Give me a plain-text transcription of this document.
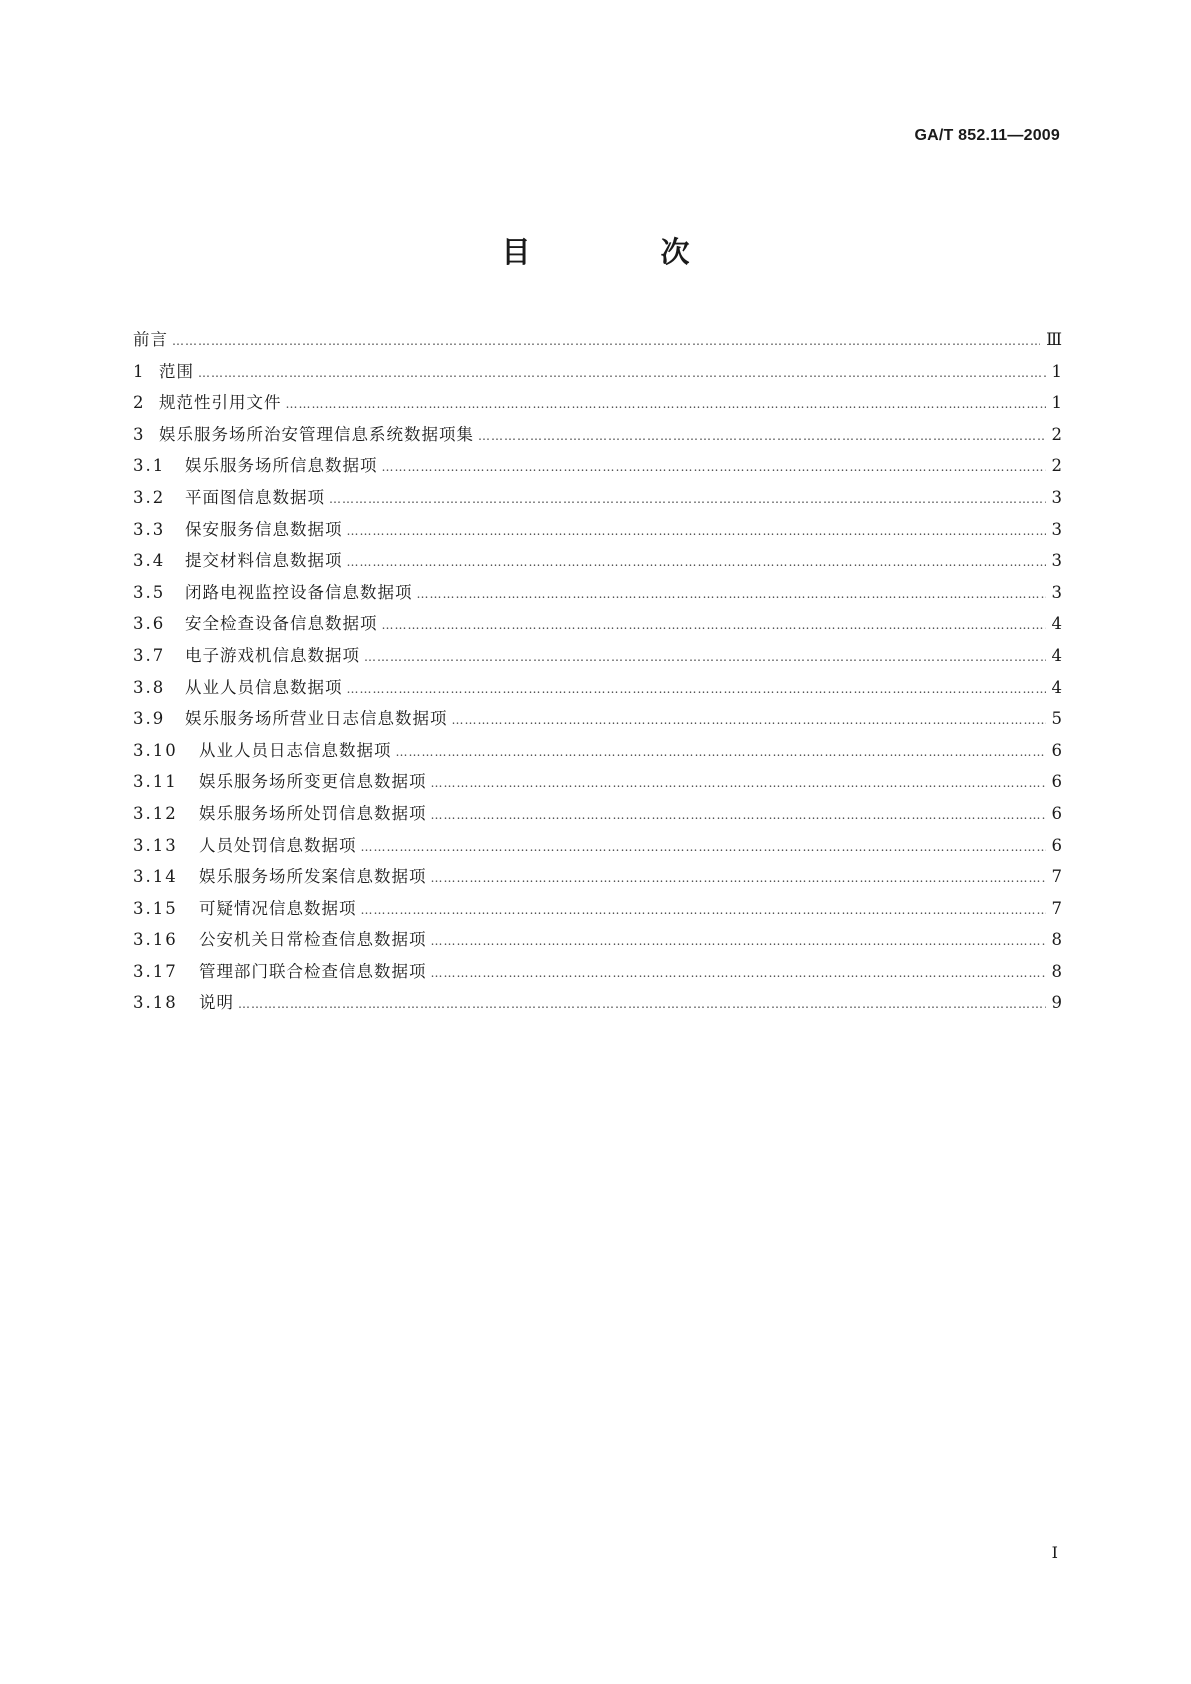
GA/T 852.11—2009
目 次
前言 …………………………………………………………………………………………………………………………………………………………………………………………	Ⅲ
1 范围 …………………………………………………………………………………………………………………………………………………………………………………………	1
2 规范性引用文件 …………………………………………………………………………………………………………………………………………………………………………………………	1
3 娱乐服务场所治安管理信息系统数据项集 …………………………………………………………………………………………………………………………………………………………………………………………	2
3.1	娱乐服务场所信息数据项 …………………………………………………………………………………………………………………………………………………………………………………………	2
3.2	平面图信息数据项 …………………………………………………………………………………………………………………………………………………………………………………………	3
3.3	保安服务信息数据项 …………………………………………………………………………………………………………………………………………………………………………………………	3
3.4	提交材料信息数据项 …………………………………………………………………………………………………………………………………………………………………………………………	3
3.5	闭路电视监控设备信息数据项 …………………………………………………………………………………………………………………………………………………………………………………………	3
3.6	安全检查设备信息数据项 …………………………………………………………………………………………………………………………………………………………………………………………	4
3.7	电子游戏机信息数据项 …………………………………………………………………………………………………………………………………………………………………………………………	4
3.8	从业人员信息数据项 …………………………………………………………………………………………………………………………………………………………………………………………	4
3.9	娱乐服务场所营业日志信息数据项 …………………………………………………………………………………………………………………………………………………………………………………………	5
3.10	从业人员日志信息数据项 …………………………………………………………………………………………………………………………………………………………………………………………	6
3.11	娱乐服务场所变更信息数据项 …………………………………………………………………………………………………………………………………………………………………………………………	6
3.12	娱乐服务场所处罚信息数据项 …………………………………………………………………………………………………………………………………………………………………………………………	6
3.13	人员处罚信息数据项 …………………………………………………………………………………………………………………………………………………………………………………………	6
3.14	娱乐服务场所发案信息数据项 …………………………………………………………………………………………………………………………………………………………………………………………	7
3.15	可疑情况信息数据项 …………………………………………………………………………………………………………………………………………………………………………………………	7
3.16	公安机关日常检查信息数据项 …………………………………………………………………………………………………………………………………………………………………………………………	8
3.17	管理部门联合检查信息数据项 …………………………………………………………………………………………………………………………………………………………………………………………	8
3.18	说明 …………………………………………………………………………………………………………………………………………………………………………………………	9
Ⅰ
